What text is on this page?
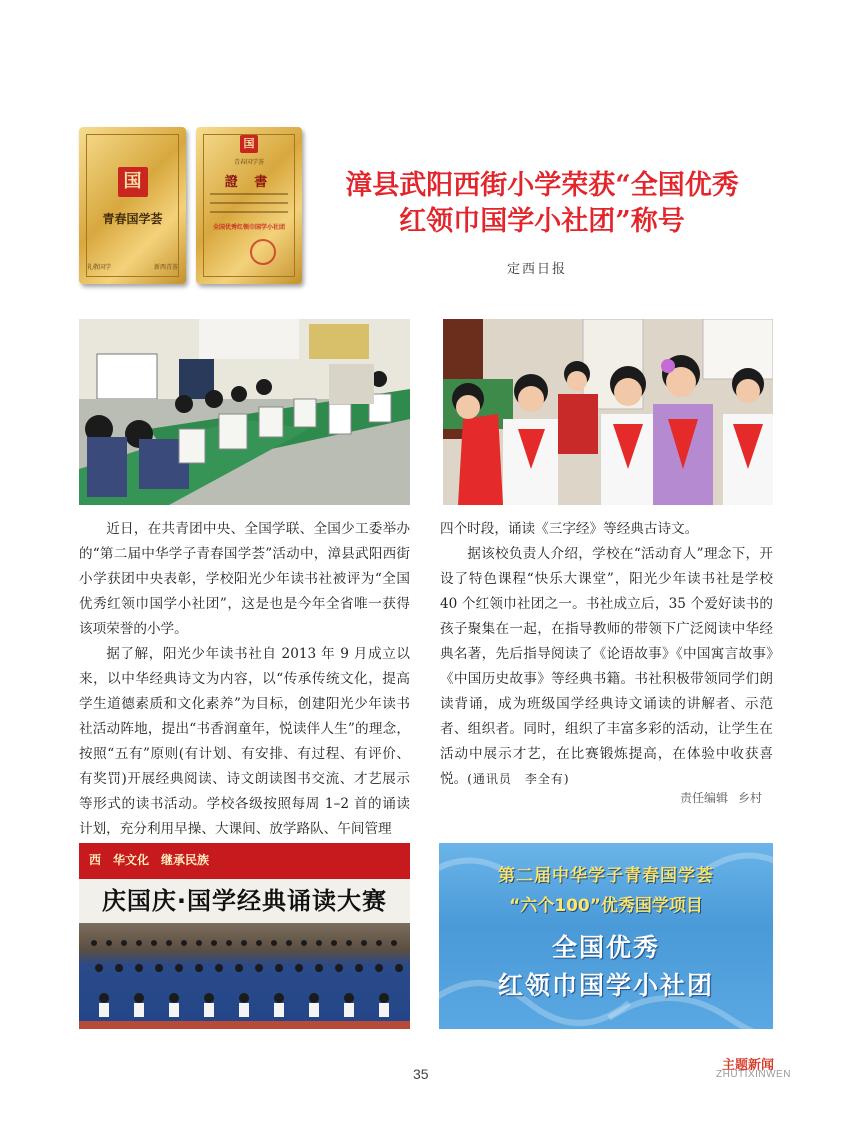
国
青春国学荟
礼敬国学	新西青荟
国
青春国学荟
證 書
全国优秀红领巾国学小社团
漳县武阳西街小学荣获“全国优秀
红领巾国学小社团”称号
定西日报

近日，在共青团中央、全国学联、全国少工委举办的“第二届中华学子青春国学荟”活动中，漳县武阳西街小学获团中央表彰，学校阳光少年读书社被评为“全国优秀红领巾国学小社团”，这是也是今年全省唯一获得该项荣誉的小学。

据了解，阳光少年读书社自 2013 年 9 月成立以来，以中华经典诗文为内容，以“传承传统文化，提高学生道德素质和文化素养”为目标，创建阳光少年读书社活动阵地，提出“书香润童年，悦读伴人生”的理念，按照“五有”原则(有计划、有安排、有过程、有评价、有奖罚)开展经典阅读、诗文朗读图书交流、才艺展示等形式的读书活动。学校各级按照每周 1–2 首的诵读计划，充分利用早操、大课间、放学路队、午间管理

四个时段，诵读《三字经》等经典古诗文。

据该校负责人介绍，学校在“活动育人”理念下，开设了特色课程“快乐大课堂”，阳光少年读书社是学校 40 个红领巾社团之一。书社成立后，35 个爱好读书的孩子聚集在一起，在指导教师的带领下广泛阅读中华经典名著，先后指导阅读了《论语故事》《中国寓言故事》《中国历史故事》等经典书籍。书社积极带领同学们朗读背诵，成为班级国学经典诗文诵读的讲解者、示范者、组织者。同时，组织了丰富多彩的活动，让学生在活动中展示才艺，在比赛锻炼提高，在体验中收获喜悦。(通讯员　李全有)

责任编辑 乡村
西　华文化　继承民族
庆国庆·国学经典诵读大赛
第二届中华学子青春国学荟
“六个100”优秀国学项目
全国优秀
红领巾国学小社团
35
主题新闻
ZHUTIXINWEN
